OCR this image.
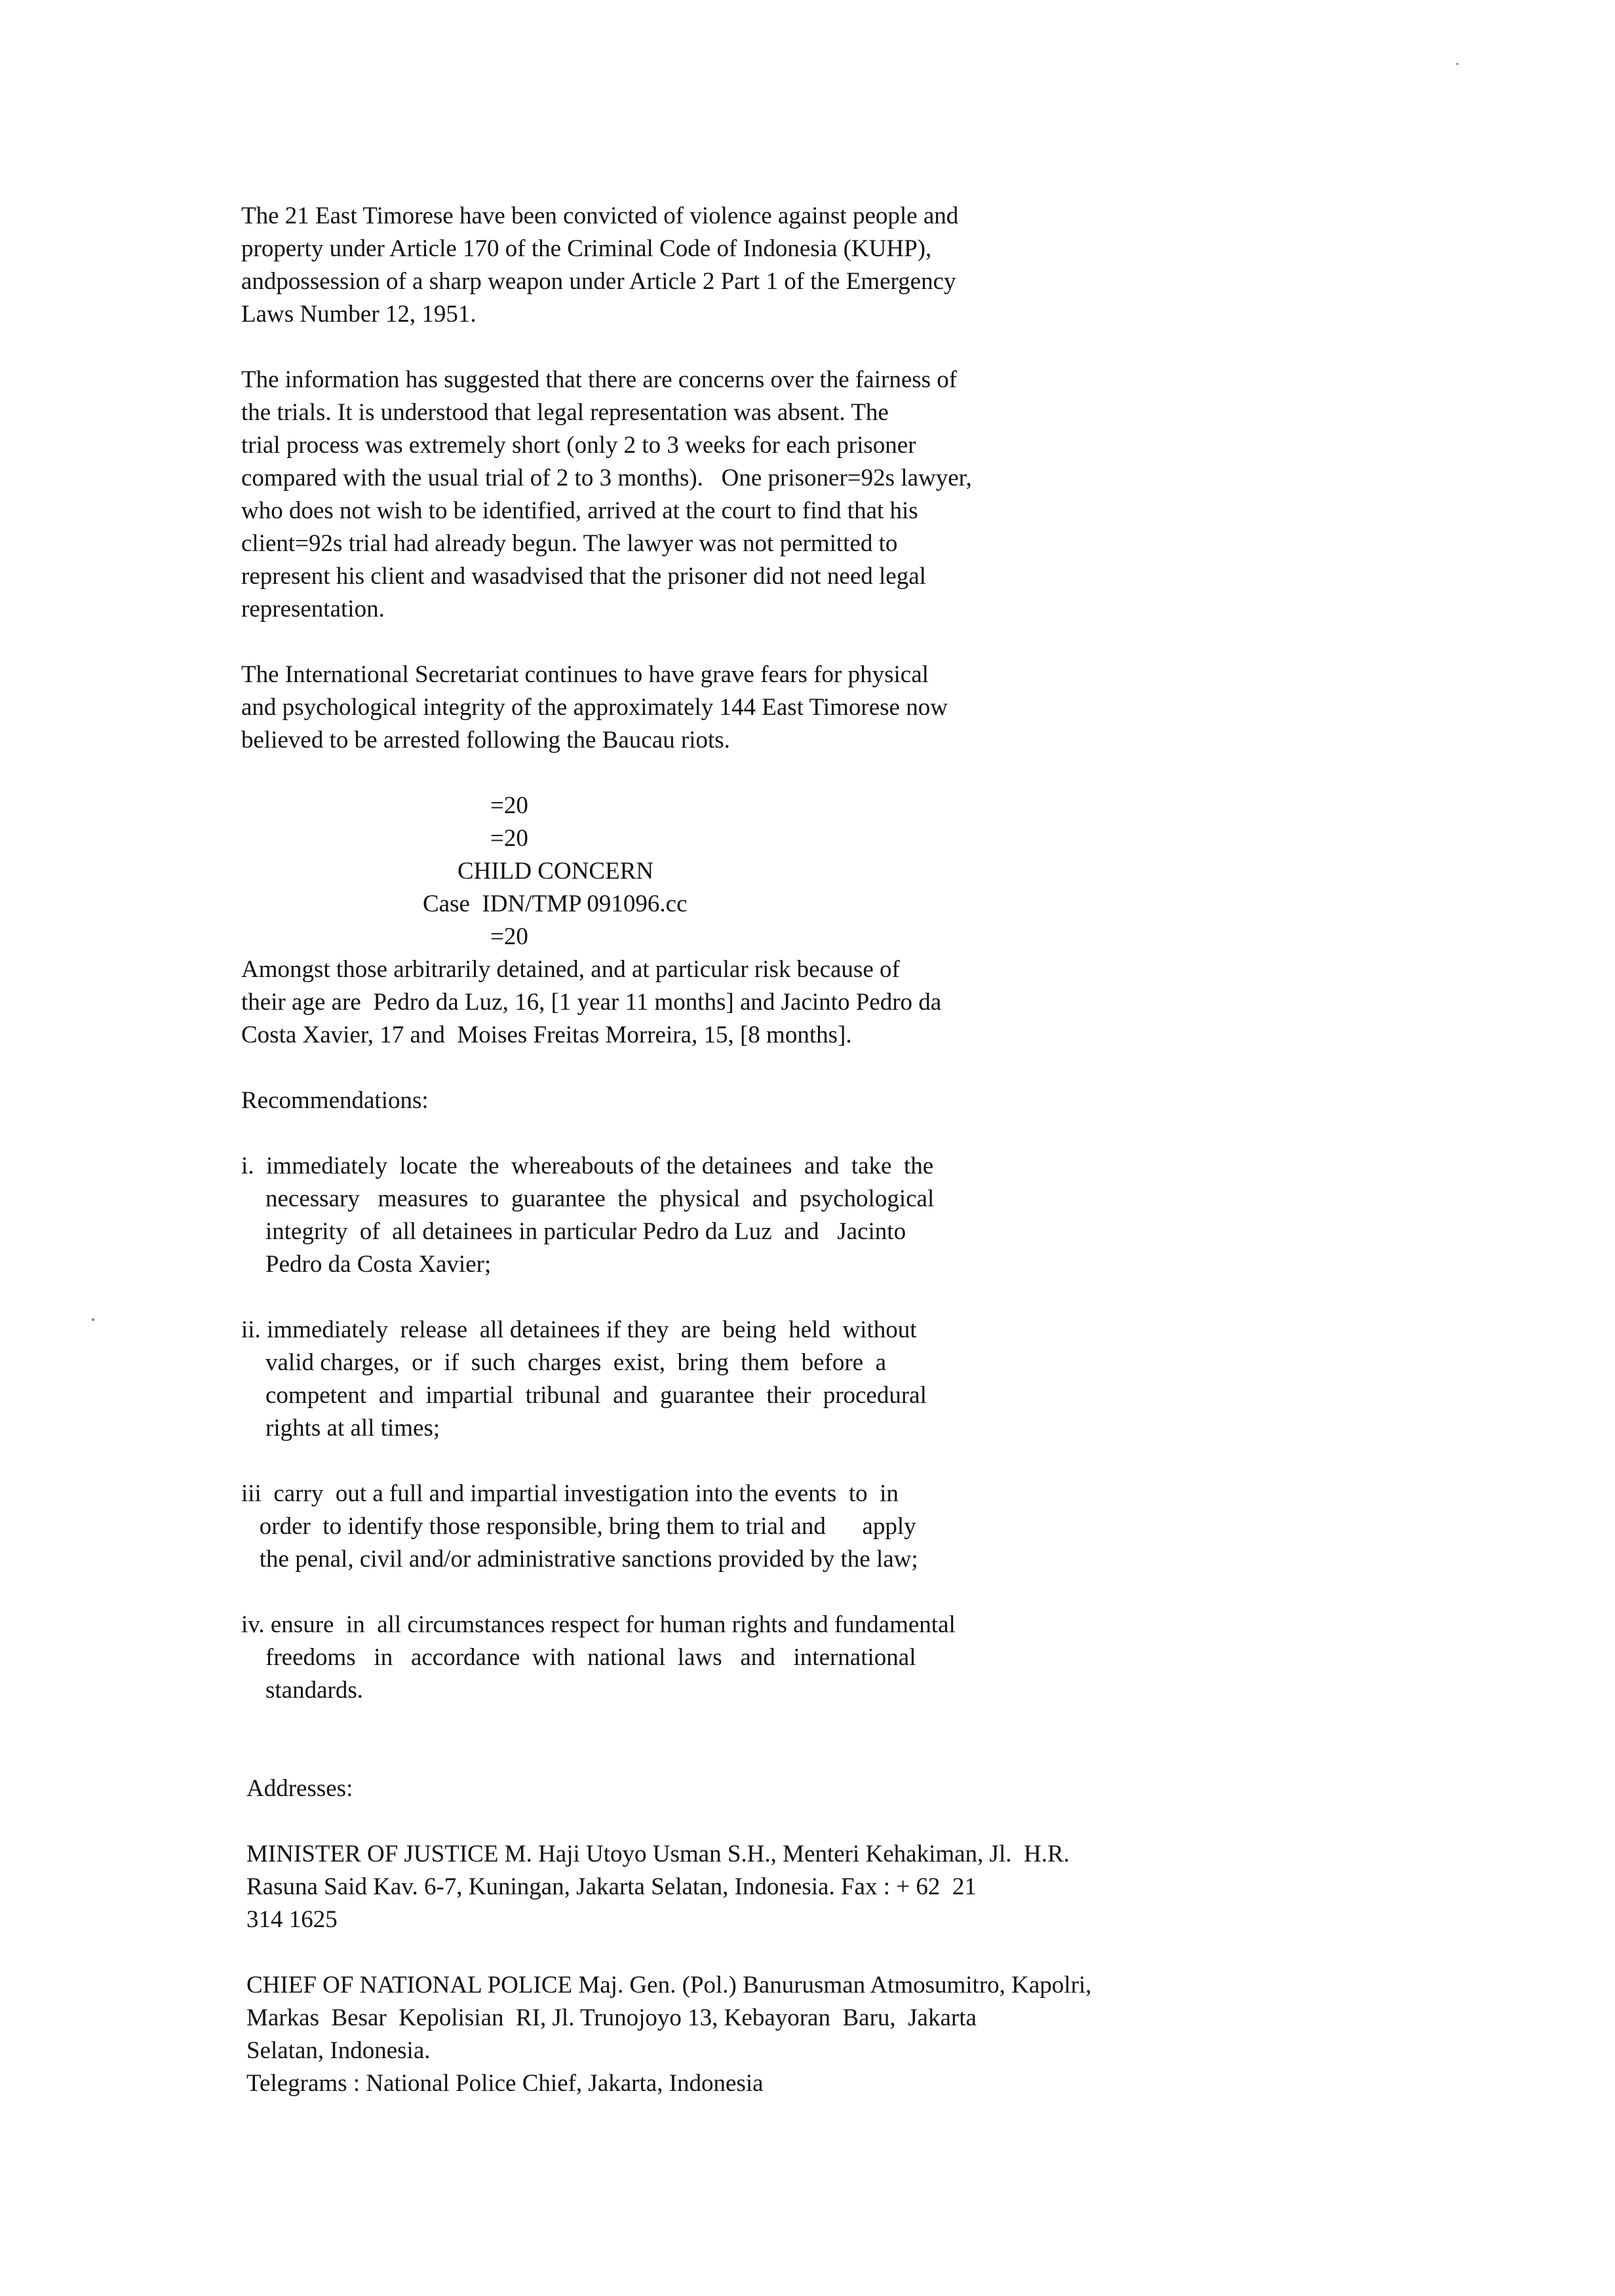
The 21 East Timorese have been convicted of violence against people and
property under Article 170 of the Criminal Code of Indonesia (KUHP),
andpossession of a sharp weapon under Article 2 Part 1 of the Emergency
Laws Number 12, 1951.
The information has suggested that there are concerns over the fairness of
the trials. It is understood that legal representation was absent. The
trial process was extremely short (only 2 to 3 weeks for each prisoner
compared with the usual trial of 2 to 3 months).   One prisoner=92s lawyer,
who does not wish to be identified, arrived at the court to find that his
client=92s trial had already begun. The lawyer was not permitted to
represent his client and wasadvised that the prisoner did not need legal
representation.
The International Secretariat continues to have grave fears for physical
and psychological integrity of the approximately 144 East Timorese now
believed to be arrested following the Baucau riots.
=20
=20
CHILD CONCERN
Case  IDN/TMP 091096.cc
=20
Amongst those arbitrarily detained, and at particular risk because of
their age are  Pedro da Luz, 16, [1 year 11 months] and Jacinto Pedro da
Costa Xavier, 17 and  Moises Freitas Morreira, 15, [8 months].
Recommendations:
i.  immediately  locate  the  whereabouts of the detainees  and  take  the
necessary   measures  to  guarantee  the  physical  and  psychological
integrity  of  all detainees in particular Pedro da Luz  and   Jacinto
Pedro da Costa Xavier;
ii. immediately  release  all detainees if they  are  being  held  without
valid charges,  or  if  such  charges  exist,  bring  them  before  a
competent  and  impartial  tribunal  and  guarantee  their  procedural
rights at all times;
iii  carry  out a full and impartial investigation into the events  to  in
order  to identify those responsible, bring them to trial and      apply
the penal, civil and/or administrative sanctions provided by the law;
iv. ensure  in  all circumstances respect for human rights and fundamental
freedoms   in   accordance  with  national  laws   and   international
standards.
Addresses:
MINISTER OF JUSTICE M. Haji Utoyo Usman S.H., Menteri Kehakiman, Jl.  H.R.
Rasuna Said Kav. 6-7, Kuningan, Jakarta Selatan, Indonesia. Fax : + 62  21
314 1625
CHIEF OF NATIONAL POLICE Maj. Gen. (Pol.) Banurusman Atmosumitro, Kapolri,
Markas  Besar  Kepolisian  RI, Jl. Trunojoyo 13, Kebayoran  Baru,  Jakarta
Selatan, Indonesia.
Telegrams : National Police Chief, Jakarta, Indonesia
